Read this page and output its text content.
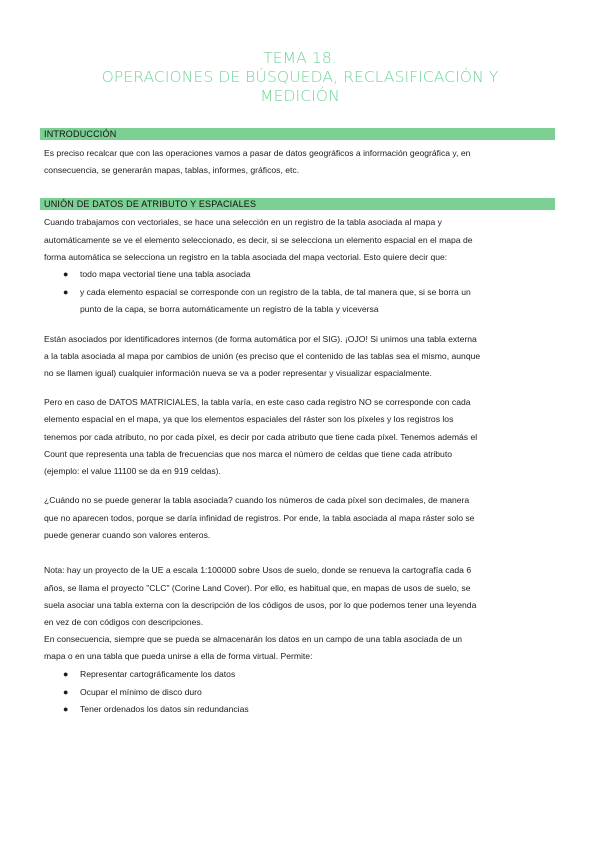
TEMA 18.
OPERACIONES DE BÚSQUEDA, RECLASIFICACIÓN Y
MEDICIÓN
INTRODUCCIÓN
Es preciso recalcar que con las operaciones vamos a pasar de datos geográficos a información geográfica y, en
consecuencia, se generarán mapas, tablas, informes, gráficos, etc.
UNIÓN DE DATOS DE ATRIBUTO Y ESPACIALES
Cuando trabajamos con vectoriales, se hace una selección en un registro de la tabla asociada al mapa y
automáticamente se ve el elemento seleccionado, es decir, si se selecciona un elemento espacial en el mapa de
forma automática se selecciona un registro en la tabla asociada del mapa vectorial. Esto quiere decir que:
● todo mapa vectorial tiene una tabla asociada
● y cada elemento espacial se corresponde con un registro de la tabla, de tal manera que, si se borra un
punto de la capa, se borra automáticamente un registro de la tabla y viceversa
Están asociados por identificadores internos (de forma automática por el SIG). ¡OJO! Si unimos una tabla externa
a la tabla asociada al mapa por cambios de unión (es preciso que el contenido de las tablas sea el mismo, aunque
no se llamen igual) cualquier información nueva se va a poder representar y visualizar espacialmente.
Pero en caso de DATOS MATRICIALES, la tabla varía, en este caso cada registro NO se corresponde con cada
elemento espacial en el mapa, ya que los elementos espaciales del ráster son los píxeles y los registros los
tenemos por cada atributo, no por cada píxel, es decir por cada atributo que tiene cada píxel. Tenemos además el
Count que representa una tabla de frecuencias que nos marca el número de celdas que tiene cada atributo
(ejemplo: el value 11100 se da en 919 celdas).
¿Cuándo no se puede generar la tabla asociada? cuando los números de cada píxel son decimales, de manera
que no aparecen todos, porque se daría infinidad de registros. Por ende, la tabla asociada al mapa ráster solo se
puede generar cuando son valores enteros.
Nota: hay un proyecto de la UE a escala 1:100000 sobre Usos de suelo, donde se renueva la cartografía cada 6
años, se llama el proyecto "CLC" (Corine Land Cover). Por ello, es habitual que, en mapas de usos de suelo, se
suela asociar una tabla externa con la descripción de los códigos de usos, por lo que podemos tener una leyenda
en vez de con códigos con descripciones.
En consecuencia, siempre que se pueda se almacenarán los datos en un campo de una tabla asociada de un
mapa o en una tabla que pueda unirse a ella de forma virtual. Permite:
● Representar cartográficamente los datos
● Ocupar el mínimo de disco duro
● Tener ordenados los datos sin redundancias
